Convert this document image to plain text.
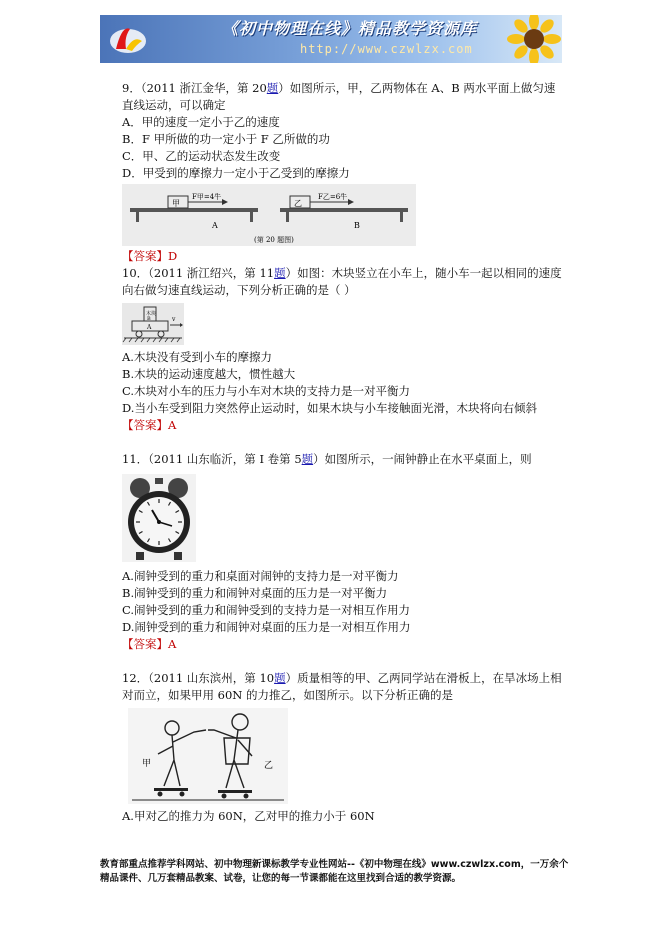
《初中物理在线》精品教学资源库
http://www.czwlzx.com

9．（2011 浙江金华，第 20题）如图所示，甲，乙两物体在 A、B 两水平面上做匀速直线运动，可以确定

A．甲的速度一定小于乙的速度

B．F 甲所做的功一定小于 F 乙所做的功

C．甲、乙的运动状态发生改变

D．甲受到的摩擦力一定小于乙受到的摩擦力

甲
F甲=4牛
A
乙
F乙=6牛
B
(第 20 题图)

【答案】D

10．（2011 浙江绍兴，第 11题）如图：木块竖立在小车上，随小车一起以相同的速度向右做匀速直线运动，下列分析正确的是（ ）

木块
B
A
v

A.木块没有受到小车的摩擦力

B.木块的运动速度越大，惯性越大

C.木块对小车的压力与小车对木块的支持力是一对平衡力

D.当小车受到阻力突然停止运动时，如果木块与小车接触面光滑，木块将向右倾斜

【答案】A

11．（2011 山东临沂，第 I 卷第 5题）如图所示，一闹钟静止在水平桌面上，则

A.闹钟受到的重力和桌面对闹钟的支持力是一对平衡力

B.闹钟受到的重力和闹钟对桌面的压力是一对平衡力

C.闹钟受到的重力和闹钟受到的支持力是一对相互作用力

D.闹钟受到的重力和闹钟对桌面的压力是一对相互作用力

【答案】A

12．（2011 山东滨州，第 10题）质量相等的甲、乙两同学站在滑板上，在旱冰场上相对而立，如果甲用 60N 的力推乙，如图所示。以下分析正确的是

甲	乙

A.甲对乙的推力为 60N，乙对甲的推力小于 60N

教育部重点推荐学科网站、初中物理新课标教学专业性网站--《初中物理在线》www.czwlzx.com，一万余个精品课件、几万套精品教案、试卷，让您的每一节课都能在这里找到合适的教学资源。
